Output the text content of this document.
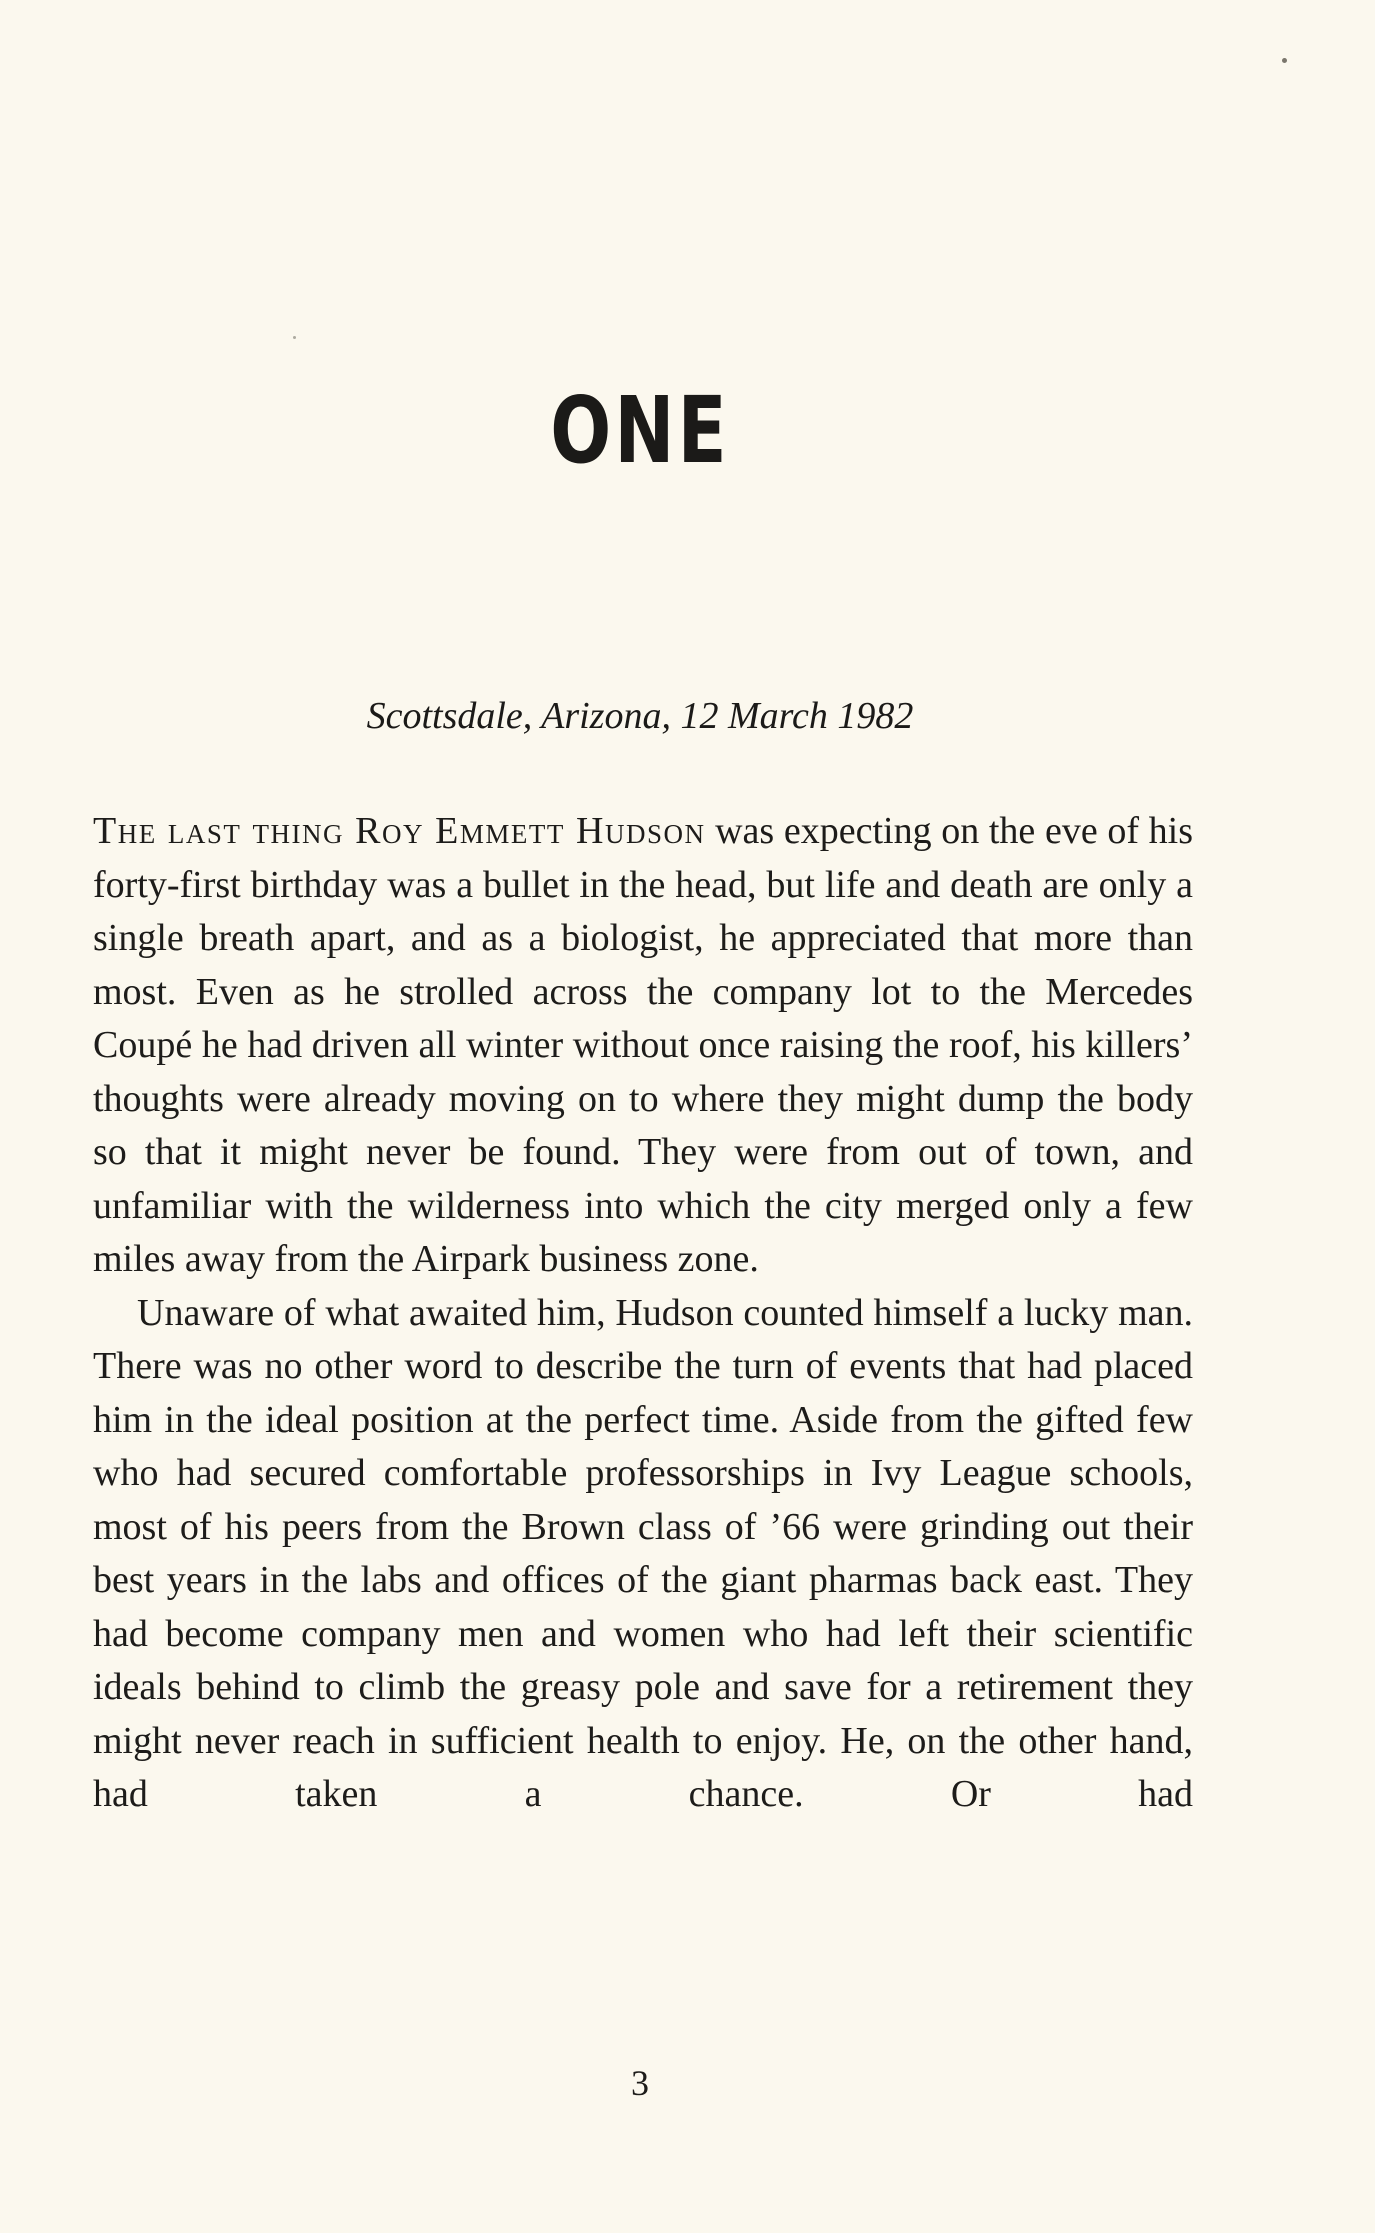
ONE
Scottsdale, Arizona, 12 March 1982

The last thing Roy Emmett Hudson was expecting on the eve of his forty-first birthday was a bullet in the head, but life and death are only a single breath apart, and as a biologist, he appreciated that more than most. Even as he strolled across the company lot to the Mercedes Coupé he had driven all winter without once raising the roof, his killers’ thoughts were already moving on to where they might dump the body so that it might never be found. They were from out of town, and unfamiliar with the wilderness into which the city merged only a few miles away from the Airpark business zone.

Unaware of what awaited him, Hudson counted himself a lucky man. There was no other word to describe the turn of events that had placed him in the ideal position at the perfect time. Aside from the gifted few who had secured comfortable professorships in Ivy League schools, most of his peers from the Brown class of ’66 were grinding out their best years in the labs and offices of the giant pharmas back east. They had become company men and women who had left their scientific ideals behind to climb the greasy pole and save for a retirement they might never reach in sufficient health to enjoy. He, on the other hand, had taken a chance. Or had

3
